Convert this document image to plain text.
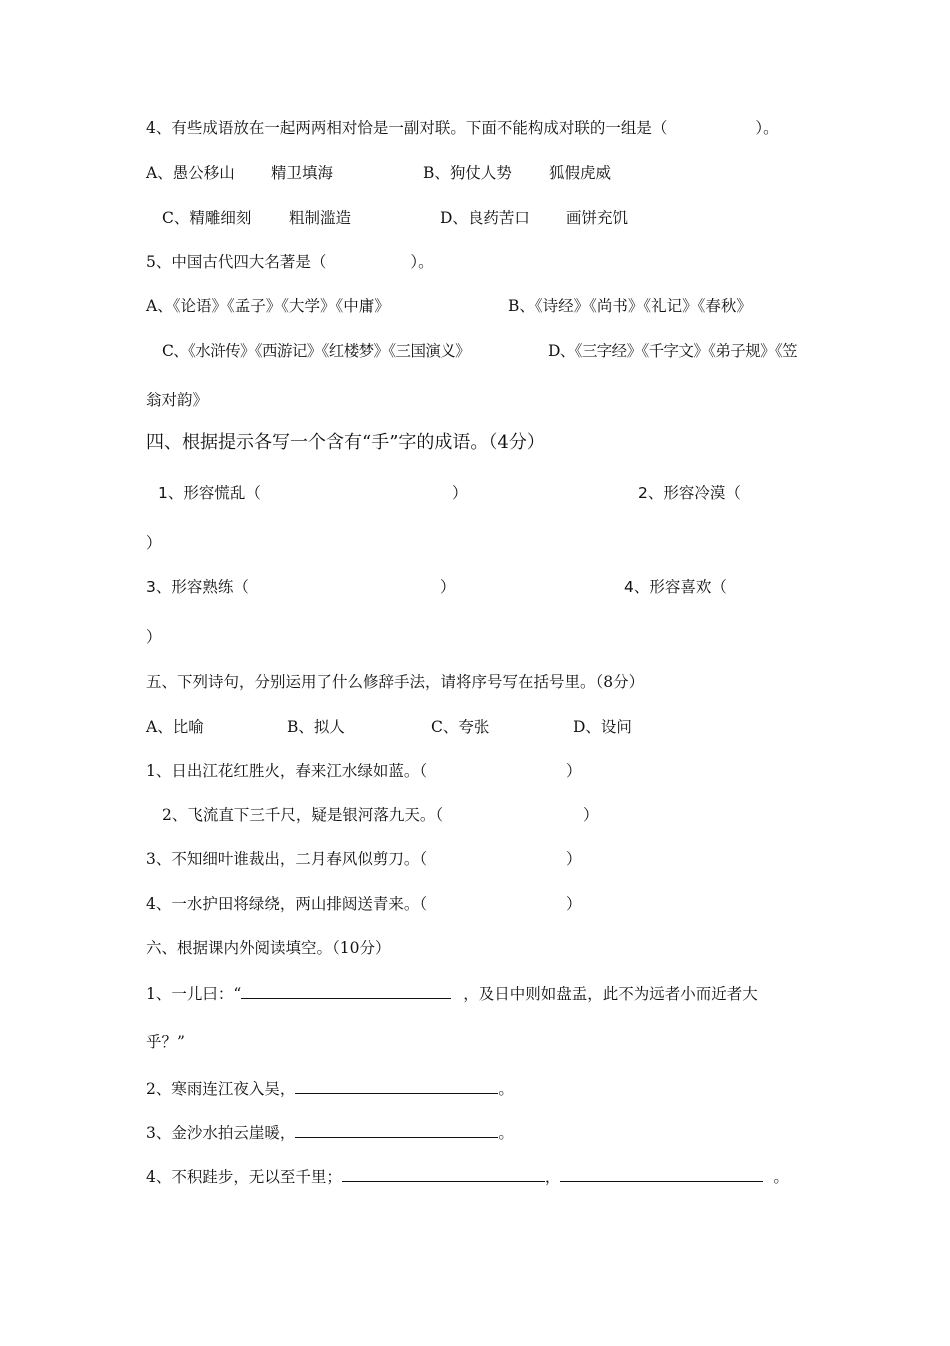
4、有些成语放在一起两两相对恰是一副对联。下面不能构成对联的一组是（	）。
A、愚公移山 精卫填海	B、狗仗人势 狐假虎威
C、精雕细刻 粗制滥造	D、良药苦口 画饼充饥
5、中国古代四大名著是（	）。
A、《论语》《孟子》《大学》《中庸》	B、《诗经》《尚书》《礼记》《春秋》
C、《水浒传》《西游记》《红楼梦》《三国演义》	D、《三字经》《千字文》《弟子规》《笠
翁对韵》
四、根据提示各写一个含有“手”字的成语。（4分）
1、形容慌乱（	）	2、形容冷漠（
）
3、形容熟练（	）	4、形容喜欢（
）
五、下列诗句，分别运用了什么修辞手法，请将序号写在括号里。（8分）
A、比喻	B、拟人	C、夸张	D、设问
1、日出江花红胜火，春来江水绿如蓝。（	）
2、飞流直下三千尺，疑是银河落九天。（	）
3、不知细叶谁裁出，二月春风似剪刀。（	）
4、一水护田将绿绕，两山排闼送青来。（	）
六、根据课内外阅读填空。（10分）
1、一儿曰：“	，及日中则如盘盂，此不为远者小而近者大
乎？”
2、寒雨连江夜入吴，	。
3、金沙水拍云崖暖，	。
4、不积跬步，无以至千里；	，	。
